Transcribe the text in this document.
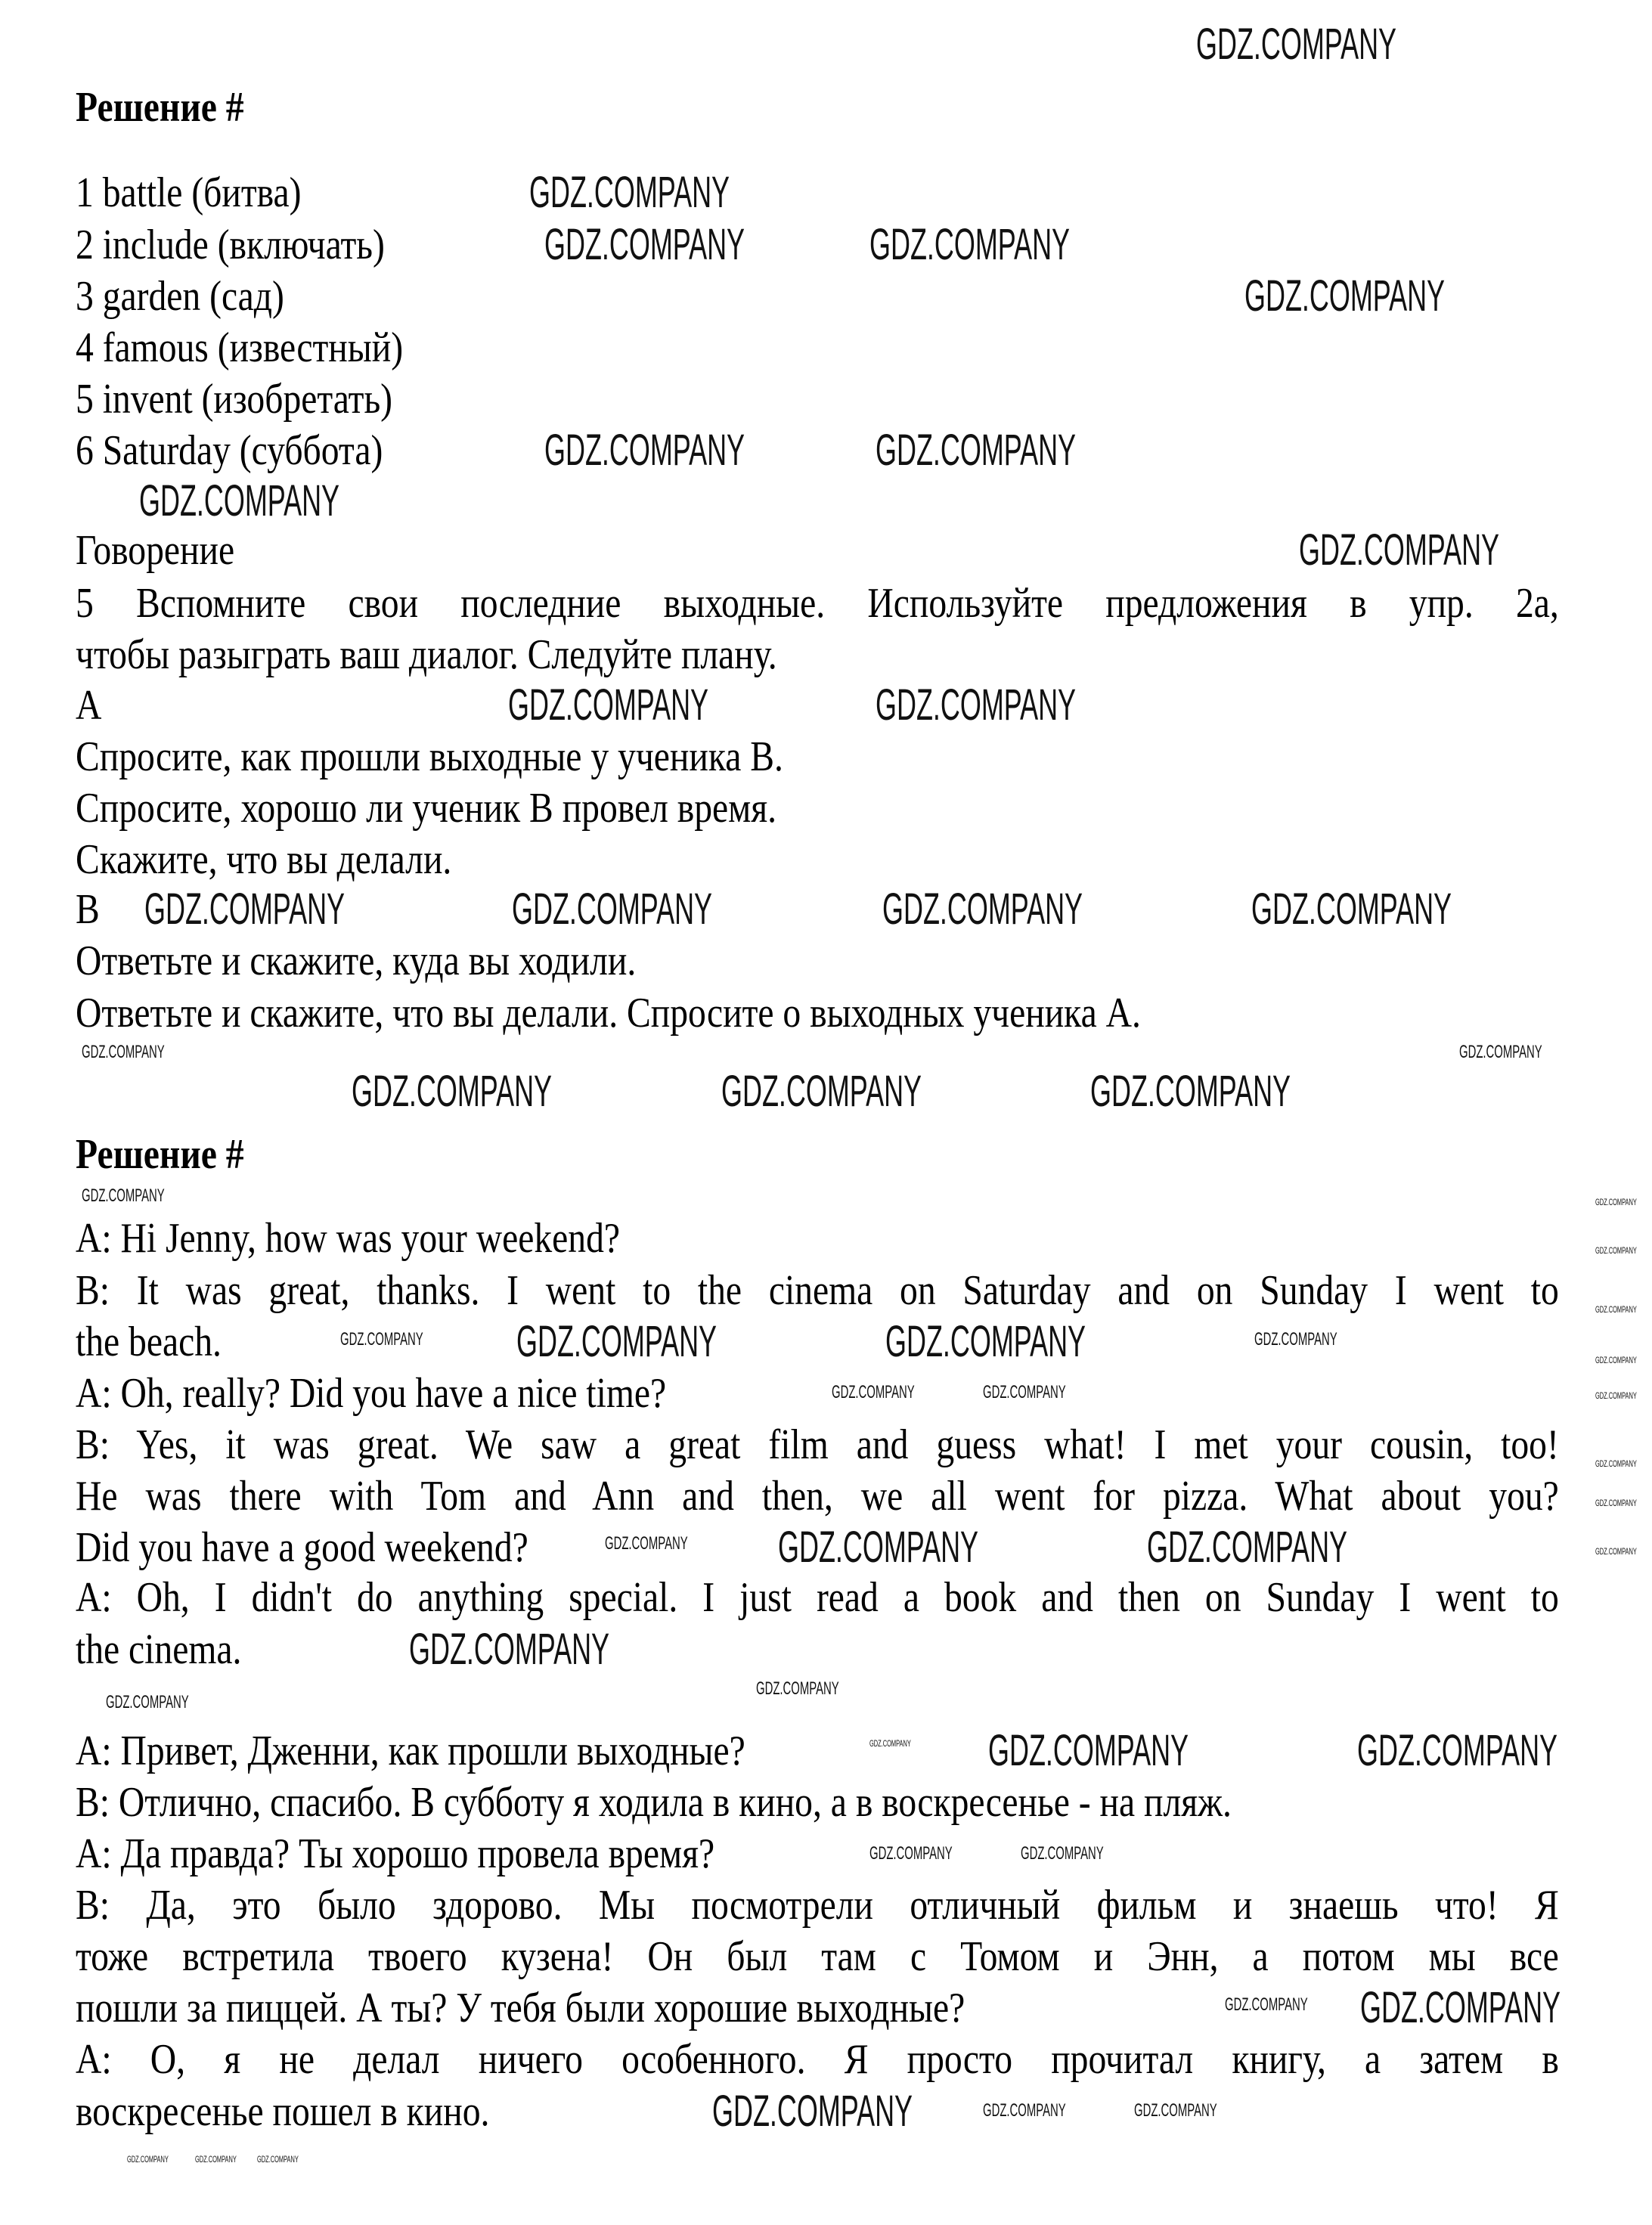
Решение #
1 battle (битва)
2 include (включать)
3 garden (сад)
4 famous (известный)
5 invent (изобретать)
6 Saturday (суббота)
Говорение
5 Вспомните свои последние выходные. Используйте предложения в упр. 2а,
чтобы разыграть ваш диалог. Следуйте плану.
A
Спросите, как прошли выходные у ученика B.
Спросите, хорошо ли ученик B провел время.
Скажите, что вы делали.
B
Ответьте и скажите, куда вы ходили.
Ответьте и скажите, что вы делали. Спросите о выходных ученика A.
Решение #
A: Hi Jenny, how was your weekend?
B: It was great, thanks. I went to the cinema on Saturday and on Sunday I went to
the beach.
A: Oh, really? Did you have a nice time?
B: Yes, it was great. We saw a great film and guess what! I met your cousin, too!
He was there with Tom and Ann and then, we all went for pizza. What about you?
Did you have a good weekend?
A: Oh, I didn't do anything special. I just read a book and then on Sunday I went to
the cinema.
A: Привет, Дженни, как прошли выходные?
B: Отлично, спасибо. В субботу я ходила в кино, а в воскресенье - на пляж.
A: Да правда? Ты хорошо провела время?
B: Да, это было здорово. Мы посмотрели отличный фильм и знаешь что! Я
тоже встретила твоего кузена! Он был там с Томом и Энн, а потом мы все
пошли за пиццей. А ты? У тебя были хорошие выходные?
A: О, я не делал ничего особенного. Я просто прочитал книгу, а затем в
воскресенье пошел в кино.
GDZ.COMPANY
GDZ.COMPANY
GDZ.COMPANY	GDZ.COMPANY
GDZ.COMPANY
GDZ.COMPANY	GDZ.COMPANY
GDZ.COMPANY
GDZ.COMPANY
GDZ.COMPANY	GDZ.COMPANY
GDZ.COMPANY	GDZ.COMPANY	GDZ.COMPANY	GDZ.COMPANY
GDZ.COMPANY	GDZ.COMPANY	GDZ.COMPANY
GDZ.COMPANY	GDZ.COMPANY
GDZ.COMPANY	GDZ.COMPANY
GDZ.COMPANY
GDZ.COMPANY	GDZ.COMPANY
GDZ.COMPANY
GDZ.COMPANY
GDZ.COMPANY
GDZ.COMPANY	GDZ.COMPANY
GDZ.COMPANY
GDZ.COMPANY
GDZ.COMPANY	GDZ.COMPANY
GDZ.COMPANY
GDZ.COMPANY
GDZ.COMPANY
GDZ.COMPANY	GDZ.COMPANY
GDZ.COMPANY
GDZ.COMPANY
GDZ.COMPANY
GDZ.COMPANY
GDZ.COMPANY
GDZ.COMPANY
GDZ.COMPANY
GDZ.COMPANY
GDZ.COMPANY
GDZ.COMPANY
GDZ.COMPANY
GDZ.COMPANY
GDZ.COMPANY	GDZ.COMPANY GDZ.COMPANY
